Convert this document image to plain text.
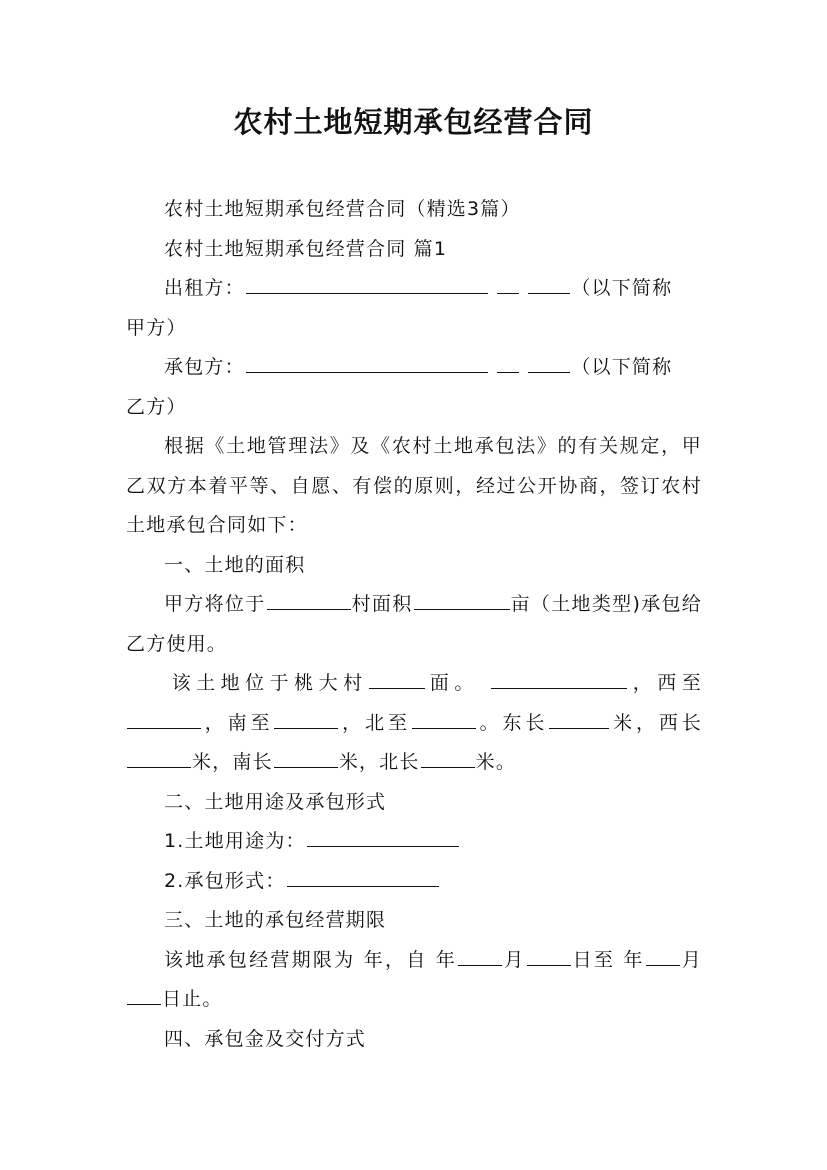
农村土地短期承包经营合同

农村土地短期承包经营合同（精选3篇）

农村土地短期承包经营合同 篇1

出租方：	（以下简称
甲方）

承包方：	（以下简称
乙方）

根据《土地管理法》及《农村土地承包法》的有关规定，甲乙双方本着平等、自愿、有偿的原则，经过公开协商，签订农村土地承包合同如下：

一、土地的面积

甲方将位于	村面积	亩（土地类型)承包给乙方使用。

该土地位于桃大村	面。	，西至，南至	，北至	。东长	米，西长米，南长	米，北长	米。

二、土地用途及承包形式

1.土地用途为：

2.承包形式：

三、土地的承包经营期限

该地承包经营期限为 年，自 年 月 日至 年 月日止。

四、承包金及交付方式
